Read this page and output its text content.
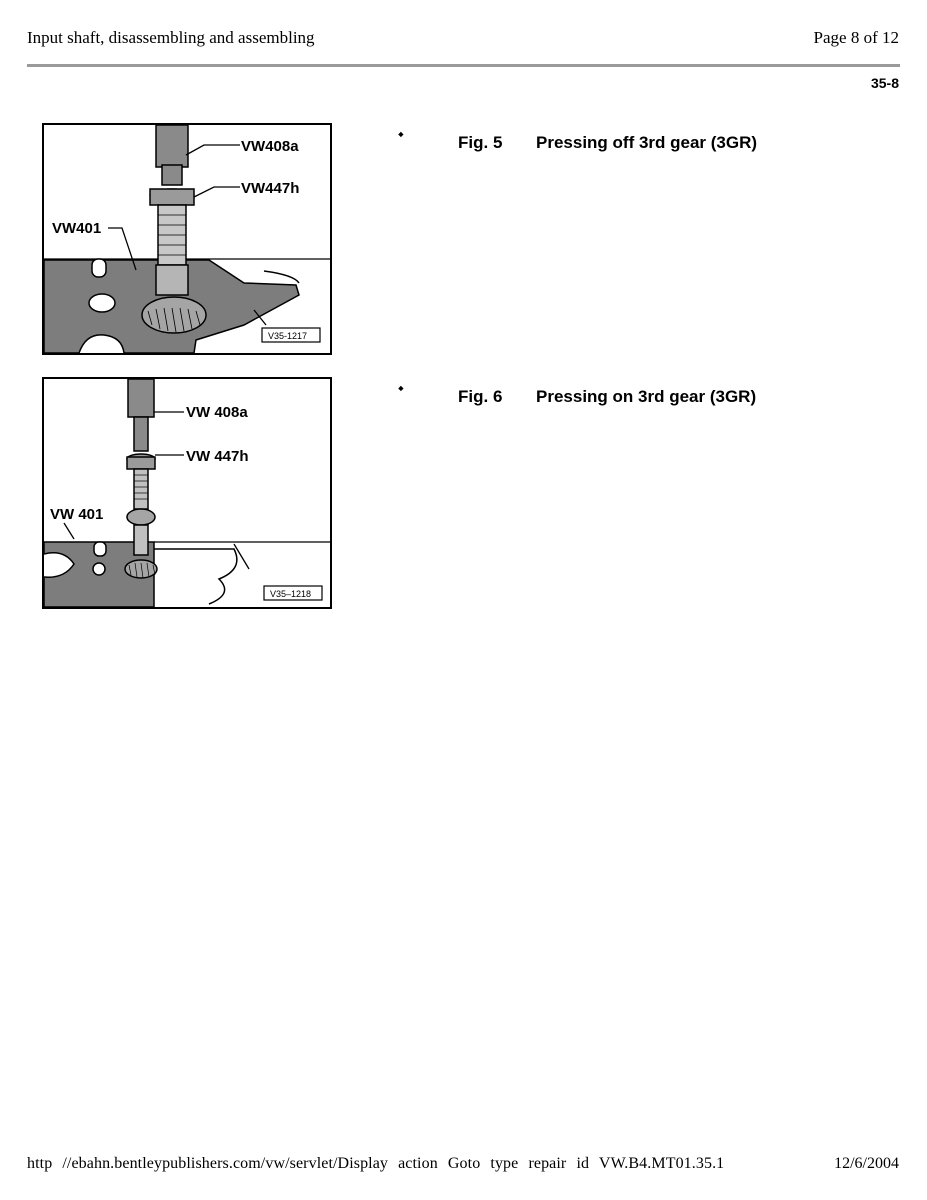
Input shaft, disassembling and assembling	Page 8 of 12
35-8
VW408a
VW447h
VW401
V35-1217
⬩	Fig. 5 Pressing off 3rd gear (3GR)
VW 408a
VW 447h
VW 401
V35–1218
⬩	Fig. 6 Pressing on 3rd gear (3GR)
http //ebahn.bentleypublishers.com/vw/servlet/Display action Goto type repair id VW.B4.MT01.35.1	12/6/2004
